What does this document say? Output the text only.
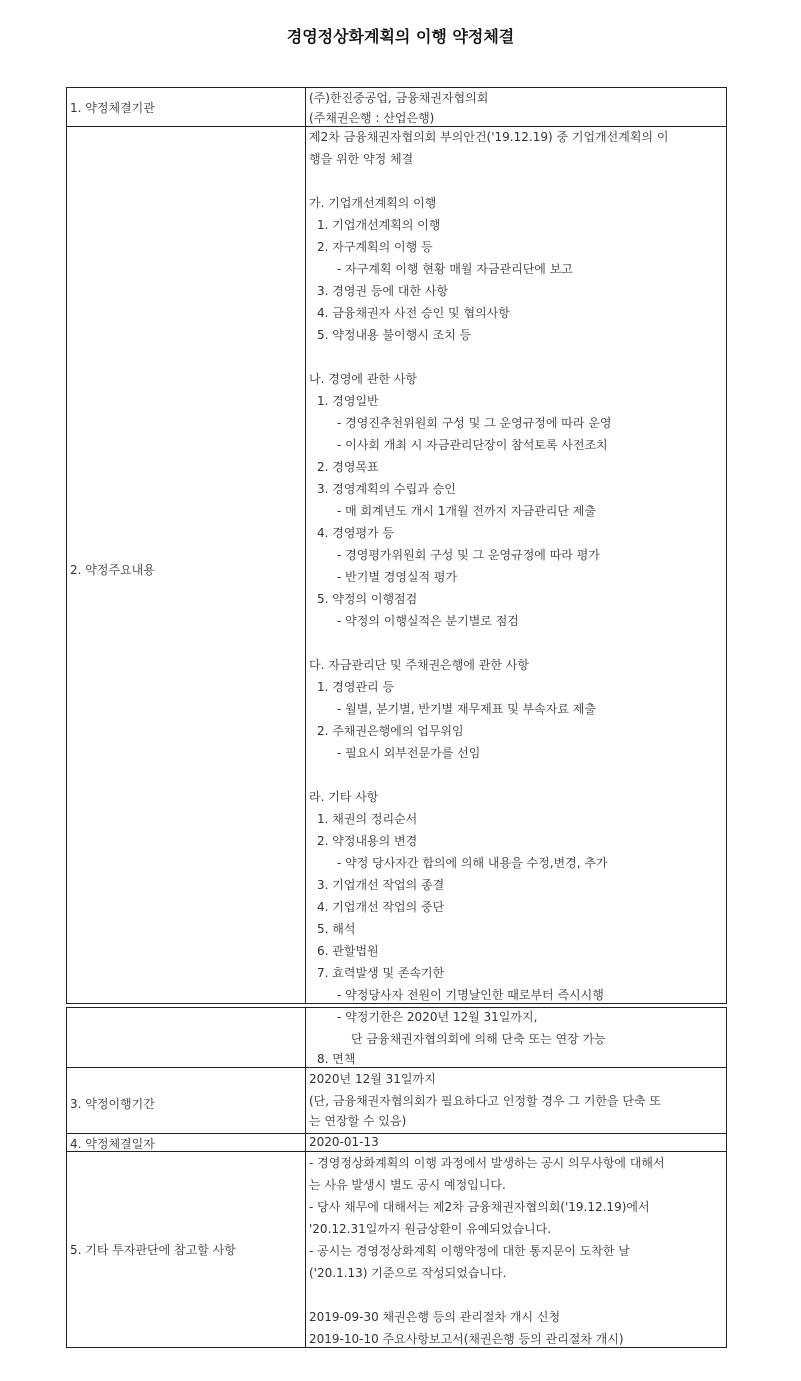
경영정상화계획의 이행 약정체결
1. 약정체결기관
(주)한진중공업, 금융채권자협의회
(주채권은행 : 산업은행)
2. 약정주요내용
제2차 금융채권자협의회 부의안건('19.12.19) 중 기업개선계획의 이
행을 위한 약정 체결
가. 기업개선계획의 이행
1. 기업개선계획의 이행
2. 자구계획의 이행 등
- 자구계획 이행 현황 매월 자금관리단에 보고
3. 경영권 등에 대한 사항
4. 금융채권자 사전 승인 및 협의사항
5. 약정내용 불이행시 조치 등
나. 경영에 관한 사항
1. 경영일반
- 경영진추천위원회 구성 및 그 운영규정에 따라 운영
- 이사회 개최 시 자금관리단장이 참석토록 사전조치
2. 경영목표
3. 경영계획의 수립과 승인
- 매 회계년도 개시 1개월 전까지 자금관리단 제출
4. 경영평가 등
- 경영평가위원회 구성 및 그 운영규정에 따라 평가
- 반기별 경영실적 평가
5. 약정의 이행점검
- 약정의 이행실적은 분기별로 점검
다. 자금관리단 및 주채권은행에 관한 사항
1. 경영관리 등
- 월별, 분기별, 반기별 재무제표 및 부속자료 제출
2. 주채권은행에의 업무위임
- 필요시 외부전문가를 선임
라. 기타 사항
1. 채권의 정리순서
2. 약정내용의 변경
- 약정 당사자간 합의에 의해 내용을 수정,변경, 추가
3. 기업개선 작업의 종결
4. 기업개선 작업의 중단
5. 해석
6. 관할법원
7. 효력발생 및 존속기한
- 약정당사자 전원이 기명날인한 때로부터 즉시시행
- 약정기한은 2020년 12월 31일까지,
단 금융채권자협의회에 의해 단축 또는 연장 가능
8. 면책
3. 약정이행기간
2020년 12월 31일까지
(단, 금융채권자협의회가 필요하다고 인정할 경우 그 기한을 단축 또
는 연장할 수 있음)
4. 약정체결일자	2020-01-13
5. 기타 투자판단에 참고할 사항
- 경영정상화계획의 이행 과정에서 발생하는 공시 의무사항에 대해서
는 사유 발생시 별도 공시 예정입니다.
- 당사 채무에 대해서는 제2차 금융채권자협의회('19.12.19)에서
'20.12.31일까지 원금상환이 유예되었습니다.
- 공시는 경영정상화계획 이행약정에 대한 통지문이 도착한 날
('20.1.13) 기준으로 작성되었습니다.
2019-09-30 채권은행 등의 관리절차 개시 신청
2019-10-10 주요사항보고서(채권은행 등의 관리절차 개시)
